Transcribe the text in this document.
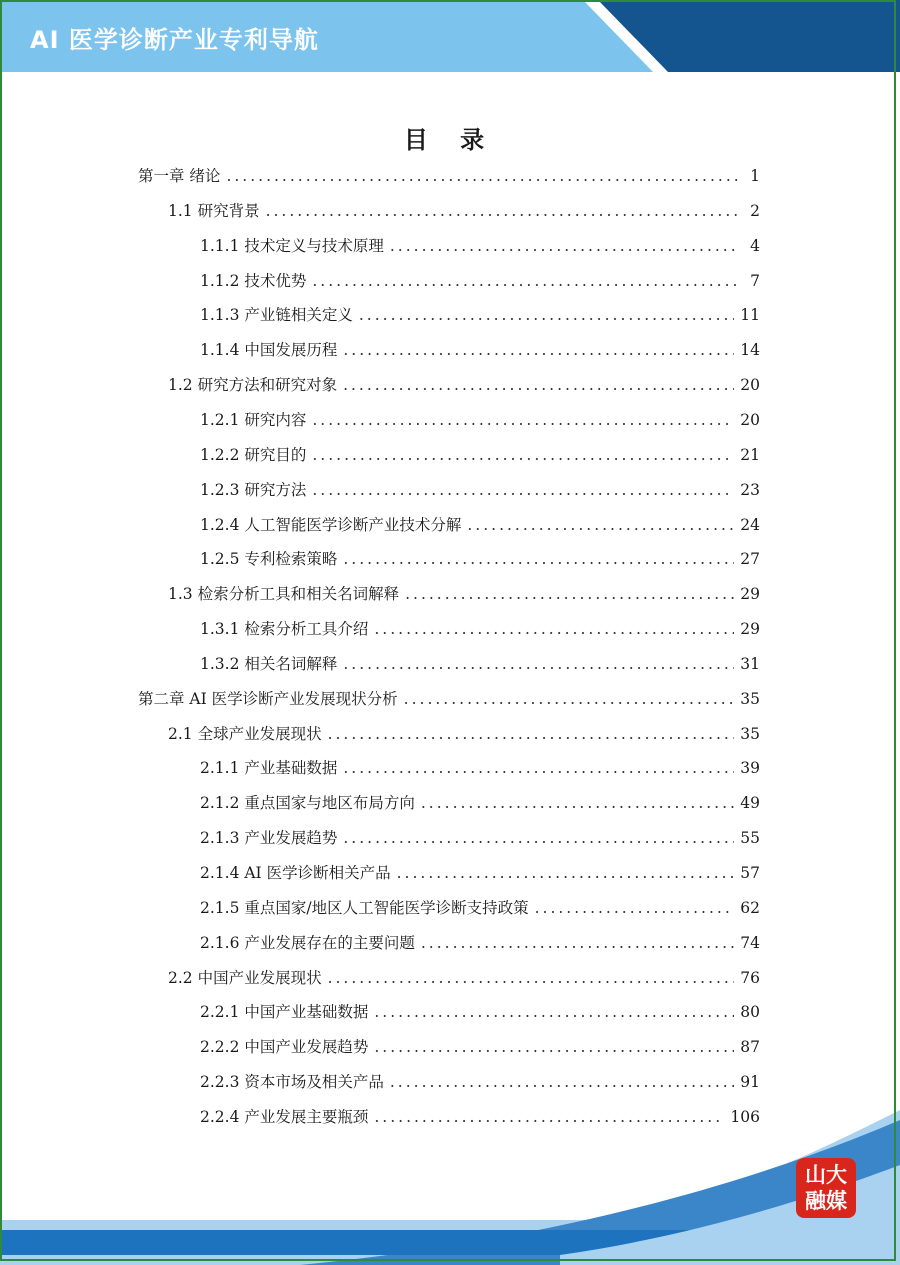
AI 医学诊断产业专利导航
目 录
第一章 绪论 .....	1
1.1 研究背景 .....	2
1.1.1 技术定义与技术原理 .....	4
1.1.2 技术优势 .....	7
1.1.3 产业链相关定义 .....	11
1.1.4 中国发展历程 .....	14
1.2 研究方法和研究对象 .....	20
1.2.1 研究内容 .....	20
1.2.2 研究目的 .....	21
1.2.3 研究方法 .....	23
1.2.4 人工智能医学诊断产业技术分解 .....	24
1.2.5 专利检索策略 .....	27
1.3 检索分析工具和相关名词解释 .....	29
1.3.1 检索分析工具介绍 .....	29
1.3.2 相关名词解释 .....	31
第二章 AI 医学诊断产业发展现状分析 .....	35
2.1 全球产业发展现状 .....	35
2.1.1 产业基础数据 .....	39
2.1.2 重点国家与地区布局方向 .....	49
2.1.3 产业发展趋势 .....	55
2.1.4 AI 医学诊断相关产品 .....	57
2.1.5 重点国家/地区人工智能医学诊断支持政策 .....	62
2.1.6 产业发展存在的主要问题 .....	74
2.2 中国产业发展现状 .....	76
2.2.1 中国产业基础数据 .....	80
2.2.2 中国产业发展趋势 .....	87
2.2.3 资本市场及相关产品 .....	91
2.2.4 产业发展主要瓶颈 .....	106
山大
融媒
